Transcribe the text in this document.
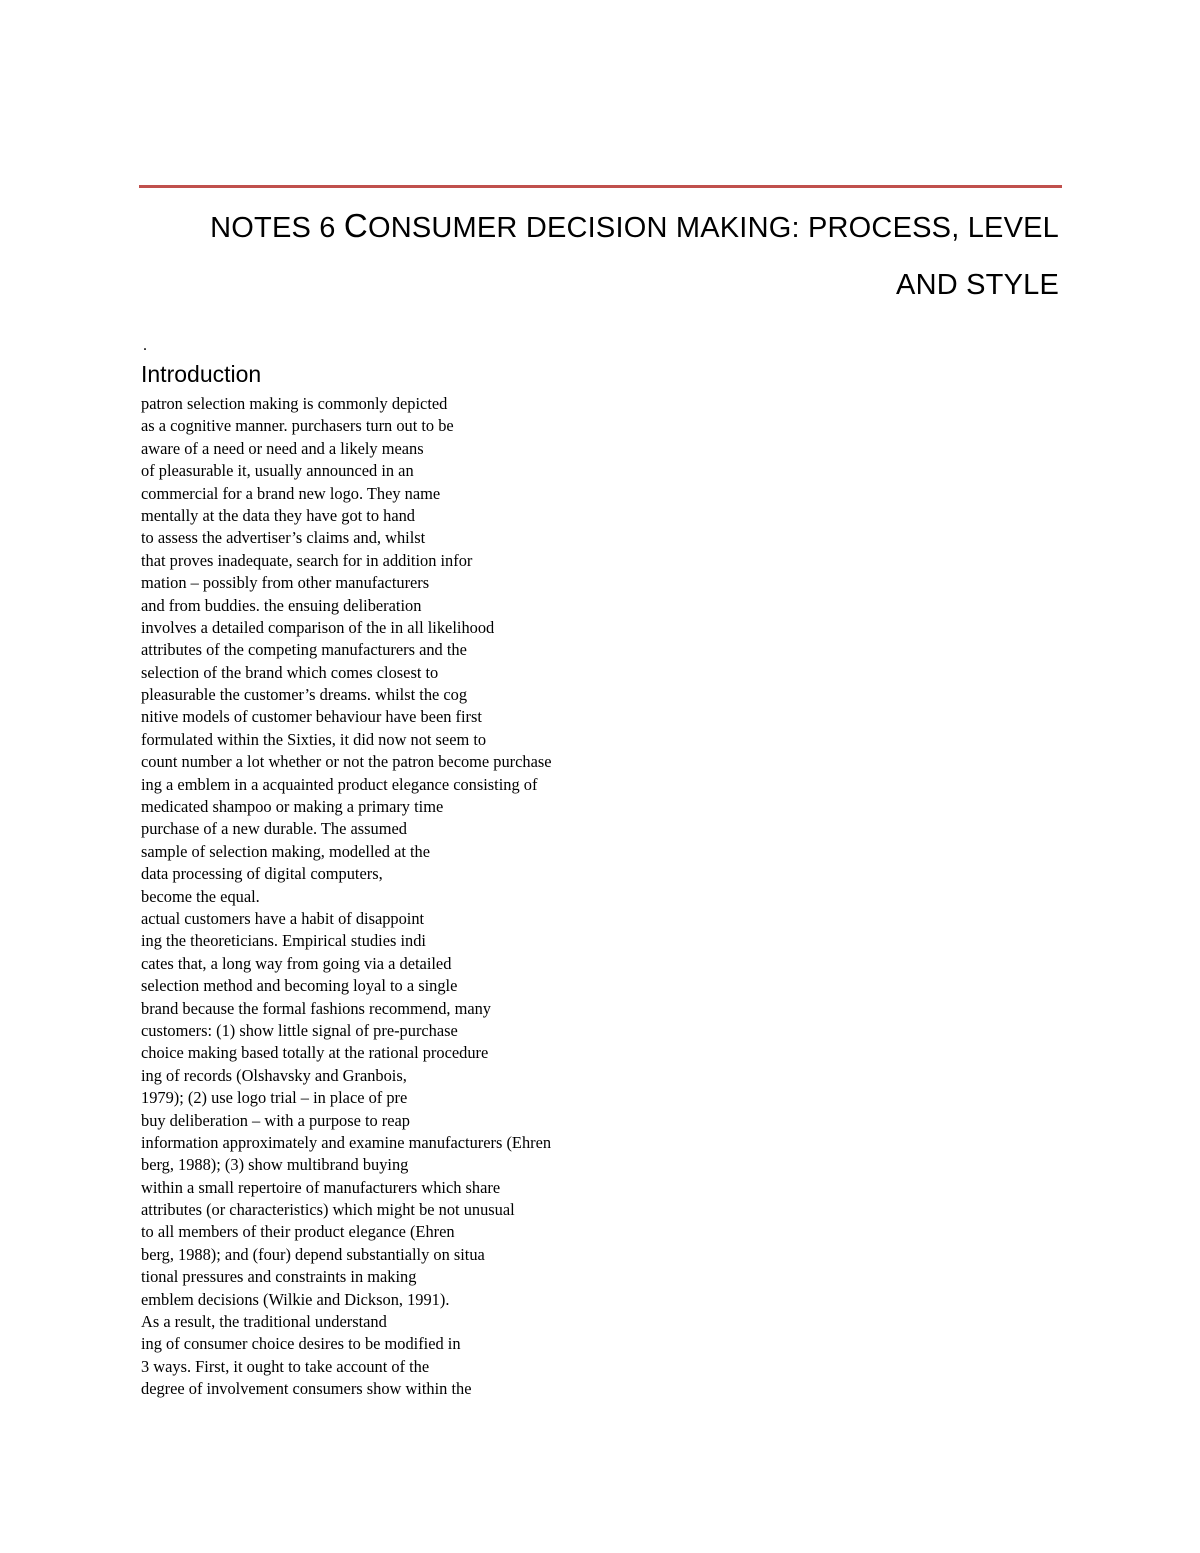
NOTES 6 CONSUMER DECISION MAKING: PROCESS, LEVEL
AND STYLE
.
Introduction
patron selection making is commonly depicted
as a cognitive manner. purchasers turn out to be
aware of a need or need and a likely means
of pleasurable it, usually announced in an
commercial for a brand new logo. They name
mentally at the data they have got to hand
to assess the advertiser’s claims and, whilst
that proves inadequate, search for in addition infor
mation – possibly from other manufacturers
and from buddies. the ensuing deliberation
involves a detailed comparison of the in all likelihood
attributes of the competing manufacturers and the
selection of the brand which comes closest to
pleasurable the customer’s dreams. whilst the cog
nitive models of customer behaviour have been first
formulated within the Sixties, it did now not seem to
count number a lot whether or not the patron become purchase
ing a emblem in a acquainted product elegance consisting of
medicated shampoo or making a primary time
purchase of a new durable. The assumed
sample of selection making, modelled at the
data processing of digital computers,
become the equal.
actual customers have a habit of disappoint
ing the theoreticians. Empirical studies indi
cates that, a long way from going via a detailed
selection method and becoming loyal to a single
brand because the formal fashions recommend, many
customers: (1) show little signal of pre-purchase
choice making based totally at the rational procedure
ing of records (Olshavsky and Granbois,
1979); (2) use logo trial – in place of pre
buy deliberation – with a purpose to reap
information approximately and examine manufacturers (Ehren
berg, 1988); (3) show multibrand buying
within a small repertoire of manufacturers which share
attributes (or characteristics) which might be not unusual
to all members of their product elegance (Ehren
berg, 1988); and (four) depend substantially on situa
tional pressures and constraints in making
emblem decisions (Wilkie and Dickson, 1991).
As a result, the traditional understand
ing of consumer choice desires to be modified in
3 ways. First, it ought to take account of the
degree of involvement consumers show within the
